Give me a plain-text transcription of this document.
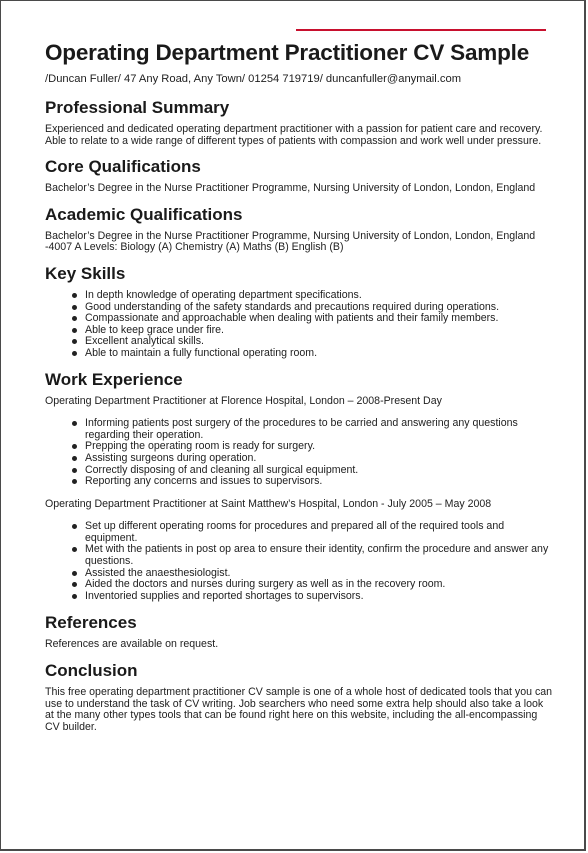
Operating Department Practitioner CV Sample

/Duncan Fuller/ 47 Any Road, Any Town/ 01254 719719/ duncanfuller@anymail.com

Professional Summary

Experienced and dedicated operating department practitioner with a passion for patient care and recovery. Able to relate to a wide range of different types of patients with compassion and work well under pressure.

Core Qualifications

Bachelor’s Degree in the Nurse Practitioner Programme, Nursing University of London, London, England

Academic Qualifications

Bachelor’s Degree in the Nurse Practitioner Programme, Nursing University of London, London, England -4007 A Levels: Biology (A) Chemistry (A) Maths (B) English (B)

Key Skills
In depth knowledge of operating department specifications.
Good understanding of the safety standards and precautions required during operations.
Compassionate and approachable when dealing with patients and their family members.
Able to keep grace under fire.
Excellent analytical skills.
Able to maintain a fully functional operating room.
Work Experience

Operating Department Practitioner at Florence Hospital, London – 2008-Present Day

Informing patients post surgery of the procedures to be carried and answering any questions regarding their operation.
Prepping the operating room is ready for surgery.
Assisting surgeons during operation.
Correctly disposing of and cleaning all surgical equipment.
Reporting any concerns and issues to supervisors.

Operating Department Practitioner at Saint Matthew’s Hospital, London - July 2005 – May 2008

Set up different operating rooms for procedures and prepared all of the required tools and equipment.
Met with the patients in post op area to ensure their identity, confirm the procedure and answer any questions.
Assisted the anaesthesiologist.
Aided the doctors and nurses during surgery as well as in the recovery room.
Inventoried supplies and reported shortages to supervisors.
References

References are available on request.

Conclusion

This free operating department practitioner CV sample is one of a whole host of dedicated tools that you can use to understand the task of CV writing. Job searchers who need some extra help should also take a look at the many other types tools that can be found right here on this website, including the all-encompassing CV builder.
